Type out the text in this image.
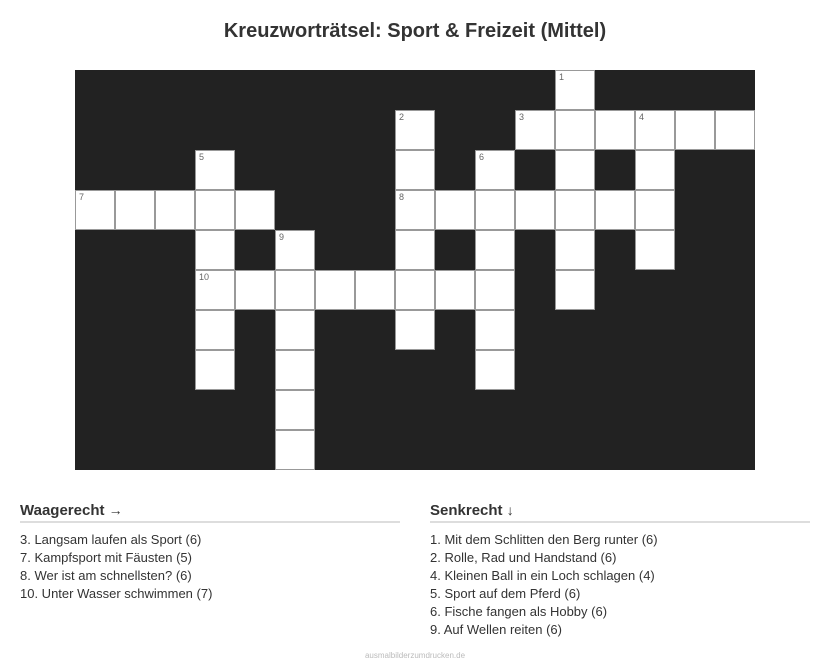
Kreuzworträtsel: Sport & Freizeit (Mittel)
1
2	3	4
5	6
7	8
9
10
Waagerecht →
3. Langsam laufen als Sport (6)
7. Kampfsport mit Fäusten (5)
8. Wer ist am schnellsten? (6)
10. Unter Wasser schwimmen (7)
Senkrecht ↓
1. Mit dem Schlitten den Berg runter (6)
2. Rolle, Rad und Handstand (6)
4. Kleinen Ball in ein Loch schlagen (4)
5. Sport auf dem Pferd (6)
6. Fische fangen als Hobby (6)
9. Auf Wellen reiten (6)
ausmalbilderzumdrucken.de
